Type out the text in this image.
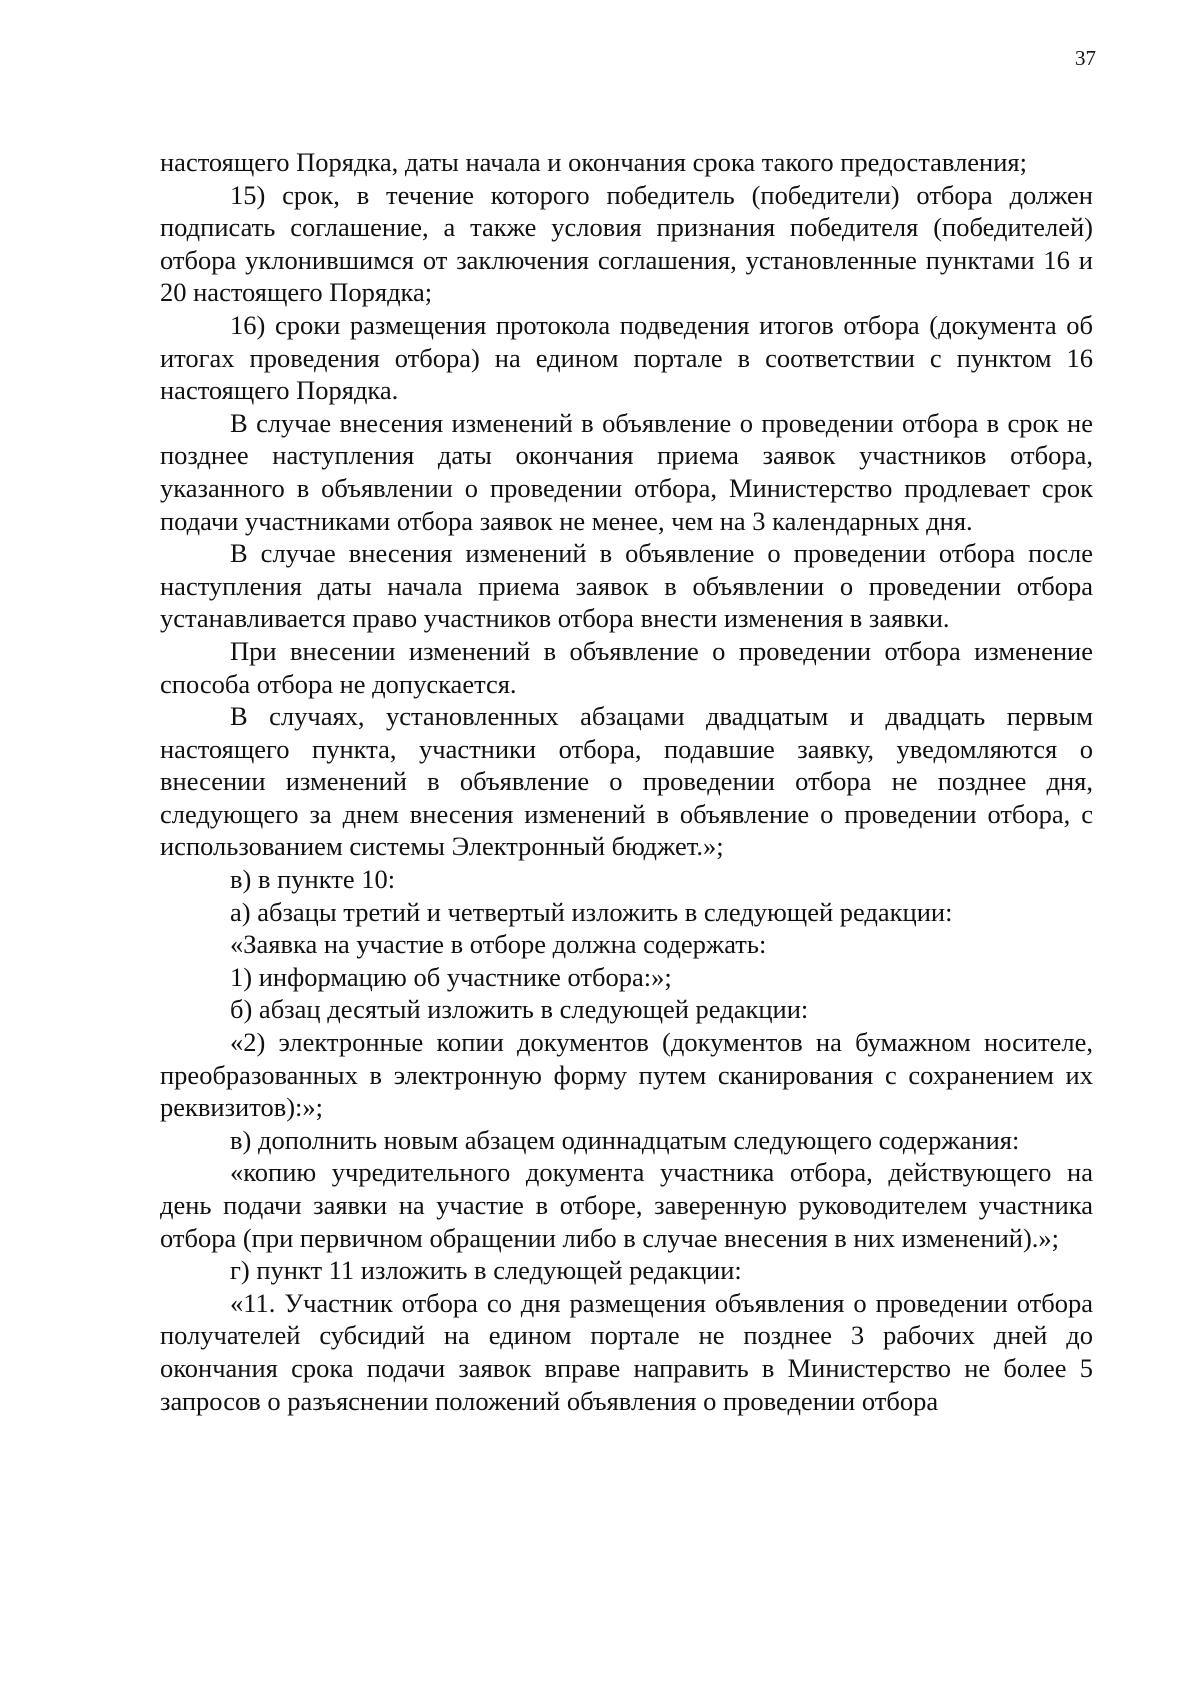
37

настоящего Порядка, даты начала и окончания срока такого предоставления;

15) срок, в течение которого победитель (победители) отбора должен подписать соглашение, а также условия признания победителя (победителей) отбора уклонившимся от заключения соглашения, установленные пунктами 16 и 20 настоящего Порядка;

16) сроки размещения протокола подведения итогов отбора (документа об итогах проведения отбора) на едином портале в соответствии с пунктом 16 настоящего Порядка.

В случае внесения изменений в объявление о проведении отбора в срок не позднее наступления даты окончания приема заявок участников отбора, указанного в объявлении о проведении отбора, Министерство продлевает срок подачи участниками отбора заявок не менее, чем на 3 календарных дня.

В случае внесения изменений в объявление о проведении отбора после наступления даты начала приема заявок в объявлении о проведении отбора устанавливается право участников отбора внести изменения в заявки.

При внесении изменений в объявление о проведении отбора изменение способа отбора не допускается.

В случаях, установленных абзацами двадцатым и двадцать первым настоящего пункта, участники отбора, подавшие заявку, уведомляются о внесении изменений в объявление о проведении отбора не позднее дня, следующего за днем внесения изменений в объявление о проведении отбора, с использованием системы Электронный бюджет.»;

в) в пункте 10:

а) абзацы третий и четвертый изложить в следующей редакции:

«Заявка на участие в отборе должна содержать:

1) информацию об участнике отбора:»;

б) абзац десятый изложить в следующей редакции:

«2) электронные копии документов (документов на бумажном носителе, преобразованных в электронную форму путем сканирования с сохранением их реквизитов):»;

в) дополнить новым абзацем одиннадцатым следующего содержания:

«копию учредительного документа участника отбора, действующего на день подачи заявки на участие в отборе, заверенную руководителем участника отбора (при первичном обращении либо в случае внесения в них изменений).»;

г) пункт 11 изложить в следующей редакции:

«11. Участник отбора со дня размещения объявления о проведении отбора получателей субсидий на едином портале не позднее 3 рабочих дней до окончания срока подачи заявок вправе направить в Министерство не более 5 запросов о разъяснении положений объявления о проведении отбора
